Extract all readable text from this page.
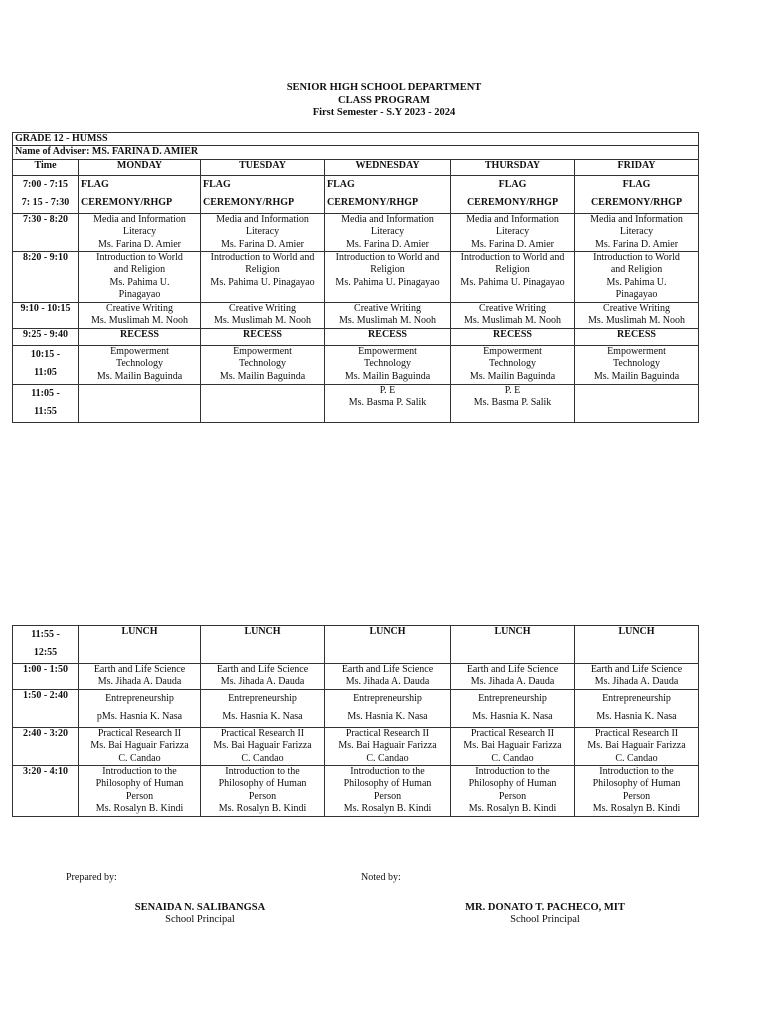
SENIOR HIGH SCHOOL DEPARTMENT
CLASS PROGRAM
First Semester - S.Y 2023 - 2024
GRADE 12 - HUMSS					
Name of Adviser: MS. FARINA D. AMIER					
Time	MONDAY	TUESDAY	WEDNESDAY	THURSDAY	FRIDAY

7:00 - 7:15
7: 15 - 7:30	FLAG
CEREMONY/RHGP	FLAG
CEREMONY/RHGP	FLAG
CEREMONY/RHGP	FLAG
CEREMONY/RHGP	FLAG
CEREMONY/RHGP

7:30 - 8:20	Media and Information
Literacy
Ms. Farina D. Amier	Media and Information
Literacy
Ms. Farina D. Amier	Media and Information
Literacy
Ms. Farina D. Amier	Media and Information
Literacy
Ms. Farina D. Amier	Media and Information
Literacy
Ms. Farina D. Amier

8:20 - 9:10	Introduction to World
and Religion
Ms. Pahima U.
Pinagayao	Introduction to World and
Religion
Ms. Pahima U. Pinagayao	Introduction to World and
Religion
Ms. Pahima U. Pinagayao	Introduction to World and
Religion
Ms. Pahima U. Pinagayao	Introduction to World
and Religion
Ms. Pahima U.
Pinagayao

9:10 - 10:15	Creative Writing
Ms. Muslimah M. Nooh	Creative Writing
Ms. Muslimah M. Nooh	Creative Writing
Ms. Muslimah M. Nooh	Creative Writing
Ms. Muslimah M. Nooh	Creative Writing
Ms. Muslimah M. Nooh

9:25 - 9:40	RECESS	RECESS	RECESS	RECESS	RECESS

10:15 -
11:05	Empowerment
Technology
Ms. Mailin Baguinda	Empowerment
Technology
Ms. Mailin Baguinda	Empowerment
Technology
Ms. Mailin Baguinda	Empowerment
Technology
Ms. Mailin Baguinda	Empowerment
Technology
Ms. Mailin Baguinda

11:05 -
11:55			P. E
Ms. Basma P. Salik	P. E
Ms. Basma P. Salik	

11:55 -
12:55	LUNCH	LUNCH	LUNCH	LUNCH	LUNCH
1:00 - 1:50	Earth and Life Science
Ms. Jihada A. Dauda	Earth and Life Science
Ms. Jihada A. Dauda	Earth and Life Science
Ms. Jihada A. Dauda	Earth and Life Science
Ms. Jihada A. Dauda	Earth and Life Science
Ms. Jihada A. Dauda

1:50 - 2:40	Entrepreneurship
pMs. Hasnia K. Nasa	Entrepreneurship
Ms. Hasnia K. Nasa	Entrepreneurship
Ms. Hasnia K. Nasa	Entrepreneurship
Ms. Hasnia K. Nasa	Entrepreneurship
Ms. Hasnia K. Nasa

2:40 - 3:20	Practical Research II
Ms. Bai Haguair Farizza
C. Candao	Practical Research II
Ms. Bai Haguair Farizza
C. Candao	Practical Research II
Ms. Bai Haguair Farizza
C. Candao	Practical Research II
Ms. Bai Haguair Farizza
C. Candao	Practical Research II
Ms. Bai Haguair Farizza
C. Candao

3:20 - 4:10	Introduction to the
Philosophy of Human
Person
Ms. Rosalyn B. Kindi	Introduction to the
Philosophy of Human
Person
Ms. Rosalyn B. Kindi	Introduction to the
Philosophy of Human
Person
Ms. Rosalyn B. Kindi	Introduction to the
Philosophy of Human
Person
Ms. Rosalyn B. Kindi	Introduction to the
Philosophy of Human
Person
Ms. Rosalyn B. Kindi
Prepared by:	Noted by:
SENAIDA N. SALIBANGSA
School Principal
MR. DONATO T. PACHECO, MIT
School Principal
